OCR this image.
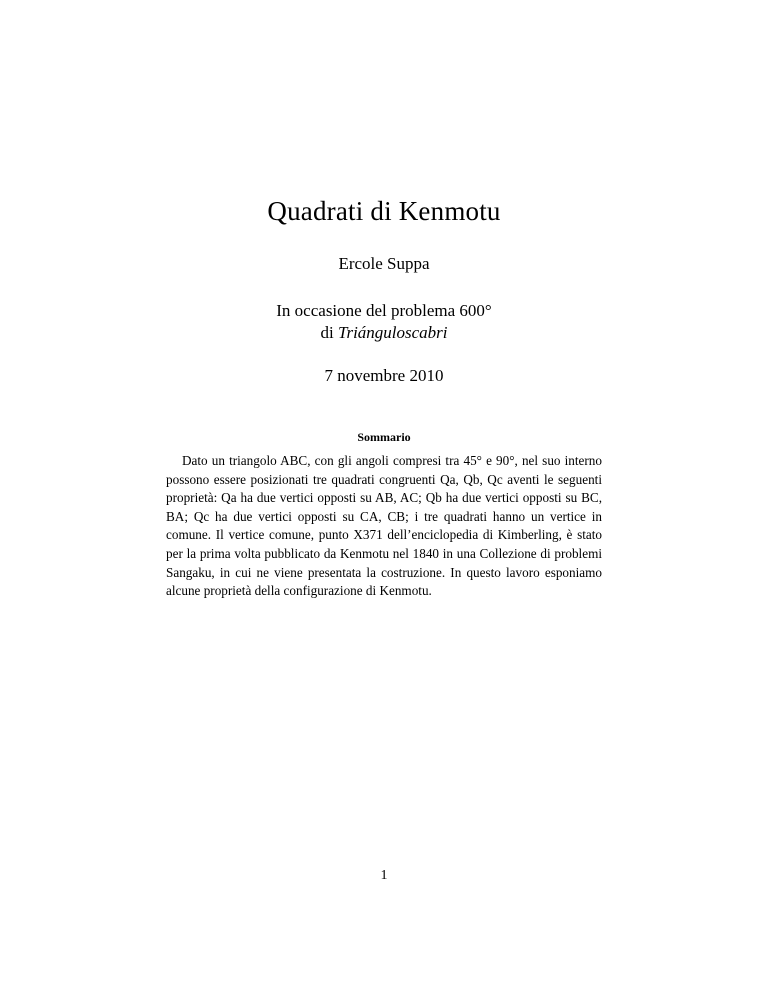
Quadrati di Kenmotu
Ercole Suppa
In occasione del problema 600°
di Triánguloscabri
7 novembre 2010
Sommario
Dato un triangolo ABC, con gli angoli compresi tra 45° e 90°, nel suo interno possono essere posizionati tre quadrati congruenti Qa, Qb, Qc aventi le seguenti proprietà: Qa ha due vertici opposti su AB, AC; Qb ha due vertici opposti su BC, BA; Qc ha due vertici opposti su CA, CB; i tre quadrati hanno un vertice in comune. Il vertice comune, punto X371 dell’enciclopedia di Kimberling, è stato per la prima volta pubblicato da Kenmotu nel 1840 in una Collezione di problemi Sangaku, in cui ne viene presentata la costruzione. In questo lavoro esponiamo alcune proprietà della configurazione di Kenmotu.
1
